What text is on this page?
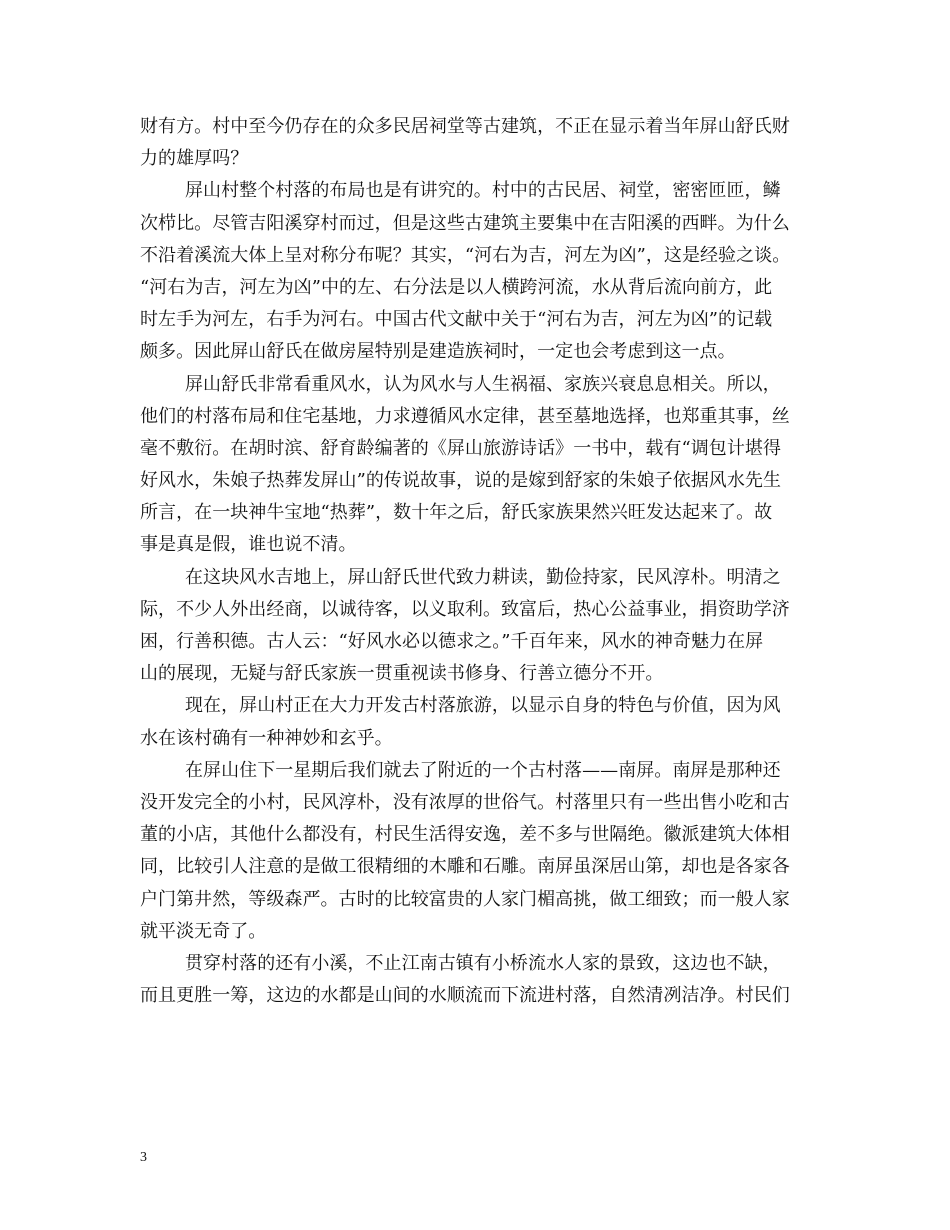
财有方。村中至今仍存在的众多民居祠堂等古建筑，不正在显示着当年屏山舒氏财
力的雄厚吗？
屏山村整个村落的布局也是有讲究的。村中的古民居、祠堂，密密匝匝，鳞
次栉比。尽管吉阳溪穿村而过，但是这些古建筑主要集中在吉阳溪的西畔。为什么
不沿着溪流大体上呈对称分布呢？其实，“河右为吉，河左为凶”，这是经验之谈。
“河右为吉，河左为凶”中的左、右分法是以人横跨河流，水从背后流向前方，此
时左手为河左，右手为河右。中国古代文献中关于“河右为吉，河左为凶”的记载
颇多。因此屏山舒氏在做房屋特别是建造族祠时，一定也会考虑到这一点。
屏山舒氏非常看重风水，认为风水与人生祸福、家族兴衰息息相关。所以，
他们的村落布局和住宅基地，力求遵循风水定律，甚至墓地选择，也郑重其事，丝
毫不敷衍。在胡时滨、舒育龄编著的《屏山旅游诗话》一书中，载有“调包计堪得
好风水，朱娘子热葬发屏山”的传说故事，说的是嫁到舒家的朱娘子依据风水先生
所言，在一块神牛宝地“热葬”，数十年之后，舒氏家族果然兴旺发达起来了。故
事是真是假，谁也说不清。
在这块风水吉地上，屏山舒氏世代致力耕读，勤俭持家，民风淳朴。明清之
际，不少人外出经商，以诚待客，以义取利。致富后，热心公益事业，捐资助学济
困，行善积德。古人云：“好风水必以德求之。”千百年来，风水的神奇魅力在屏
山的展现，无疑与舒氏家族一贯重视读书修身、行善立德分不开。
现在，屏山村正在大力开发古村落旅游，以显示自身的特色与价值，因为风
水在该村确有一种神妙和玄乎。
在屏山住下一星期后我们就去了附近的一个古村落——南屏。南屏是那种还
没开发完全的小村，民风淳朴，没有浓厚的世俗气。村落里只有一些出售小吃和古
董的小店，其他什么都没有，村民生活得安逸，差不多与世隔绝。徽派建筑大体相
同，比较引人注意的是做工很精细的木雕和石雕。南屏虽深居山第，却也是各家各
户门第井然，等级森严。古时的比较富贵的人家门楣高挑，做工细致；而一般人家
就平淡无奇了。
贯穿村落的还有小溪，不止江南古镇有小桥流水人家的景致，这边也不缺，
而且更胜一筹，这边的水都是山间的水顺流而下流进村落，自然清冽洁净。村民们
3
